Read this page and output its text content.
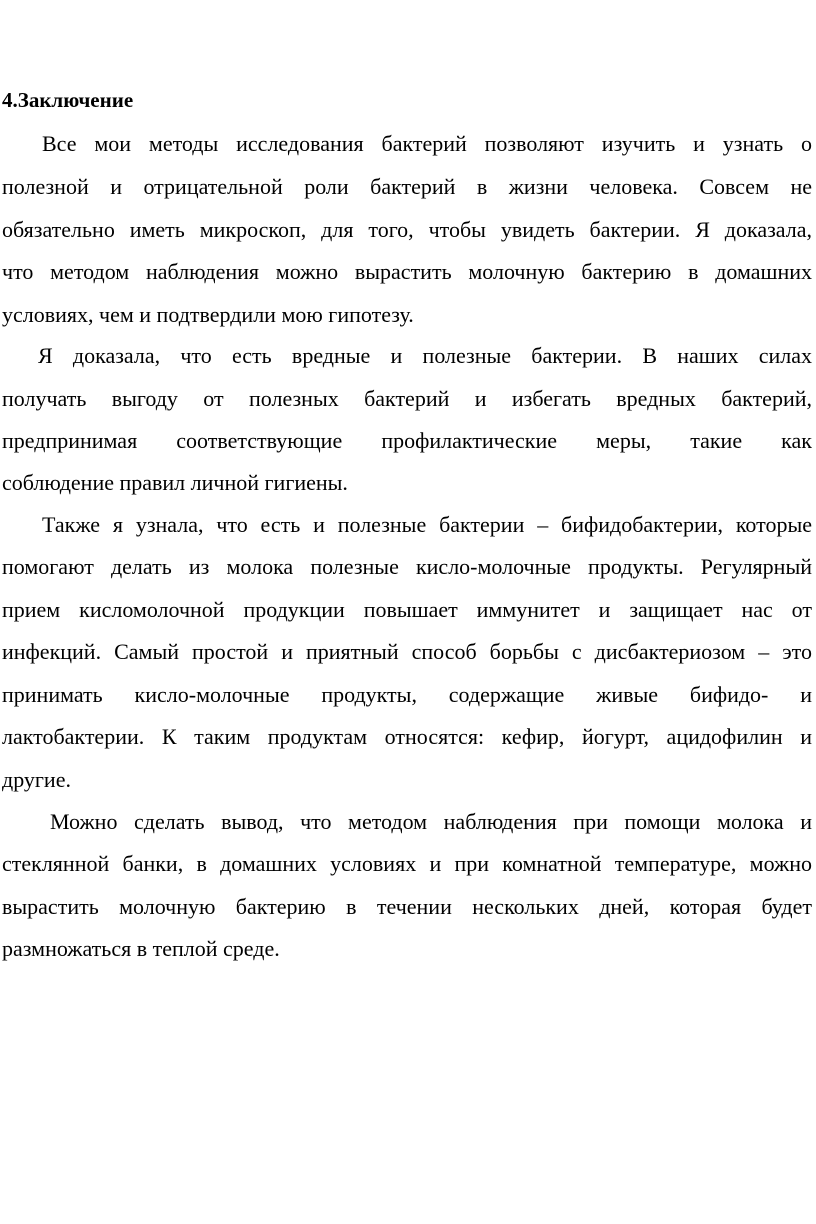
4.Заключение
Все мои методы исследования бактерий позволяют изучить и узнать о
полезной и отрицательной роли бактерий в жизни человека. Совсем не
обязательно иметь микроскоп, для того, чтобы увидеть бактерии. Я доказала,
что методом наблюдения можно вырастить молочную бактерию в домашних
условиях, чем и подтвердили мою гипотезу.
Я доказала, что есть вредные и полезные бактерии. В наших силах
получать выгоду от полезных бактерий и избегать вредных бактерий,
предпринимая соответствующие профилактические меры, такие как
соблюдение правил личной гигиены.
Также я узнала, что есть и полезные бактерии – бифидобактерии, которые
помогают делать из молока полезные кисло-молочные продукты. Регулярный
прием кисломолочной продукции повышает иммунитет и защищает нас от
инфекций. Самый простой и приятный способ борьбы с дисбактериозом – это
принимать кисло-молочные продукты, содержащие живые бифидо- и
лактобактерии. К таким продуктам относятся: кефир, йогурт, ацидофилин и
другие.
Можно сделать вывод, что методом наблюдения при помощи молока и
стеклянной банки, в домашних условиях и при комнатной температуре, можно
вырастить молочную бактерию в течении нескольких дней, которая будет
размножаться в теплой среде.
